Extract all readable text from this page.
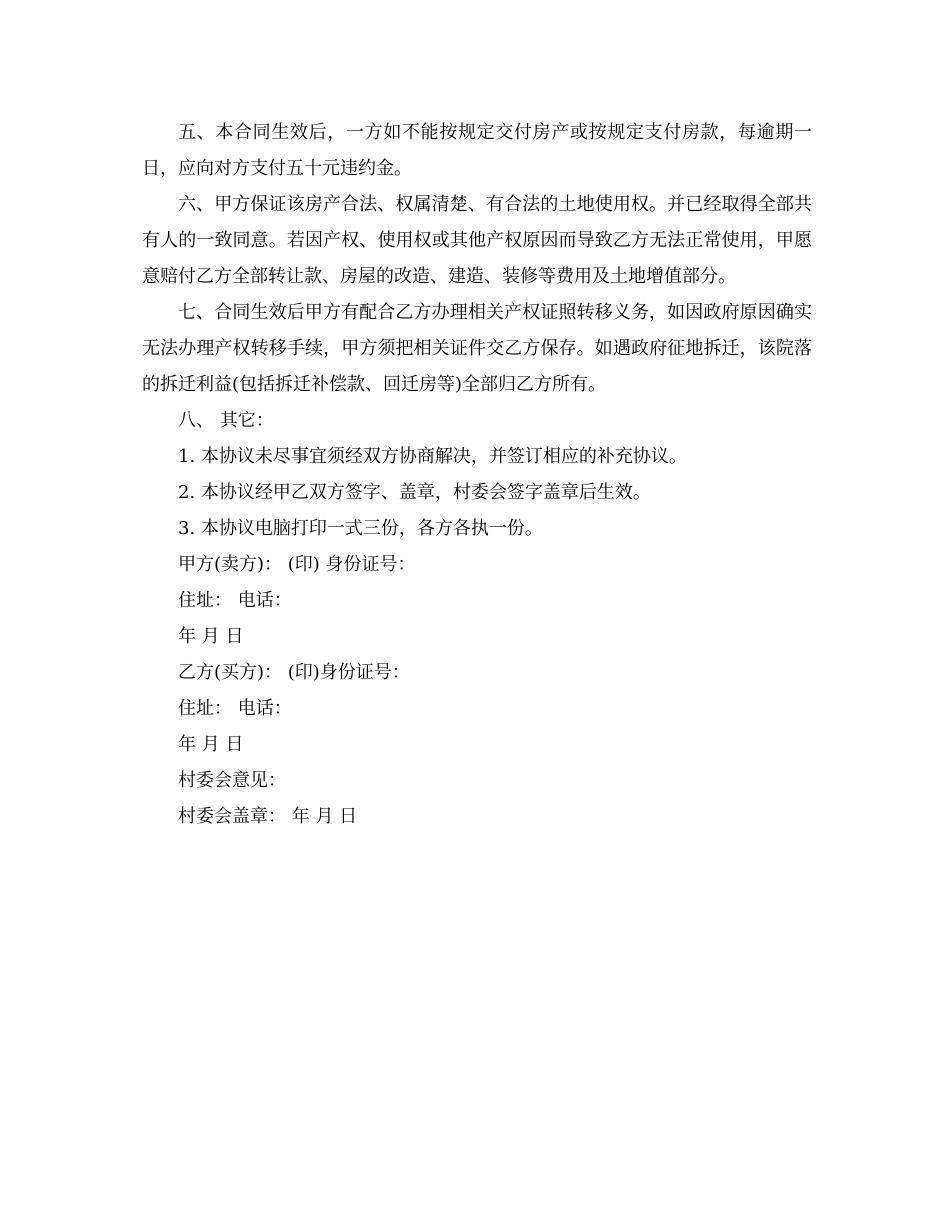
五、本合同生效后，一方如不能按规定交付房产或按规定支付房款，每逾期一日，应向对方支付五十元违约金。

六、甲方保证该房产合法、权属清楚、有合法的土地使用权。并已经取得全部共有人的一致同意。若因产权、使用权或其他产权原因而导致乙方无法正常使用，甲愿意赔付乙方全部转让款、房屋的改造、建造、装修等费用及土地增值部分。

七、合同生效后甲方有配合乙方办理相关产权证照转移义务，如因政府原因确实无法办理产权转移手续，甲方须把相关证件交乙方保存。如遇政府征地拆迁，该院落的拆迁利益(包括拆迁补偿款、回迁房等)全部归乙方所有。

八、 其它：

1. 本协议未尽事宜须经双方协商解决，并签订相应的补充协议。

2. 本协议经甲乙双方签字、盖章，村委会签字盖章后生效。

3. 本协议电脑打印一式三份，各方各执一份。

甲方(卖方)： (印) 身份证号：

住址： 电话：

年 月 日

乙方(买方)： (印)身份证号：

住址： 电话：

年 月 日

村委会意见：

村委会盖章： 年 月 日
